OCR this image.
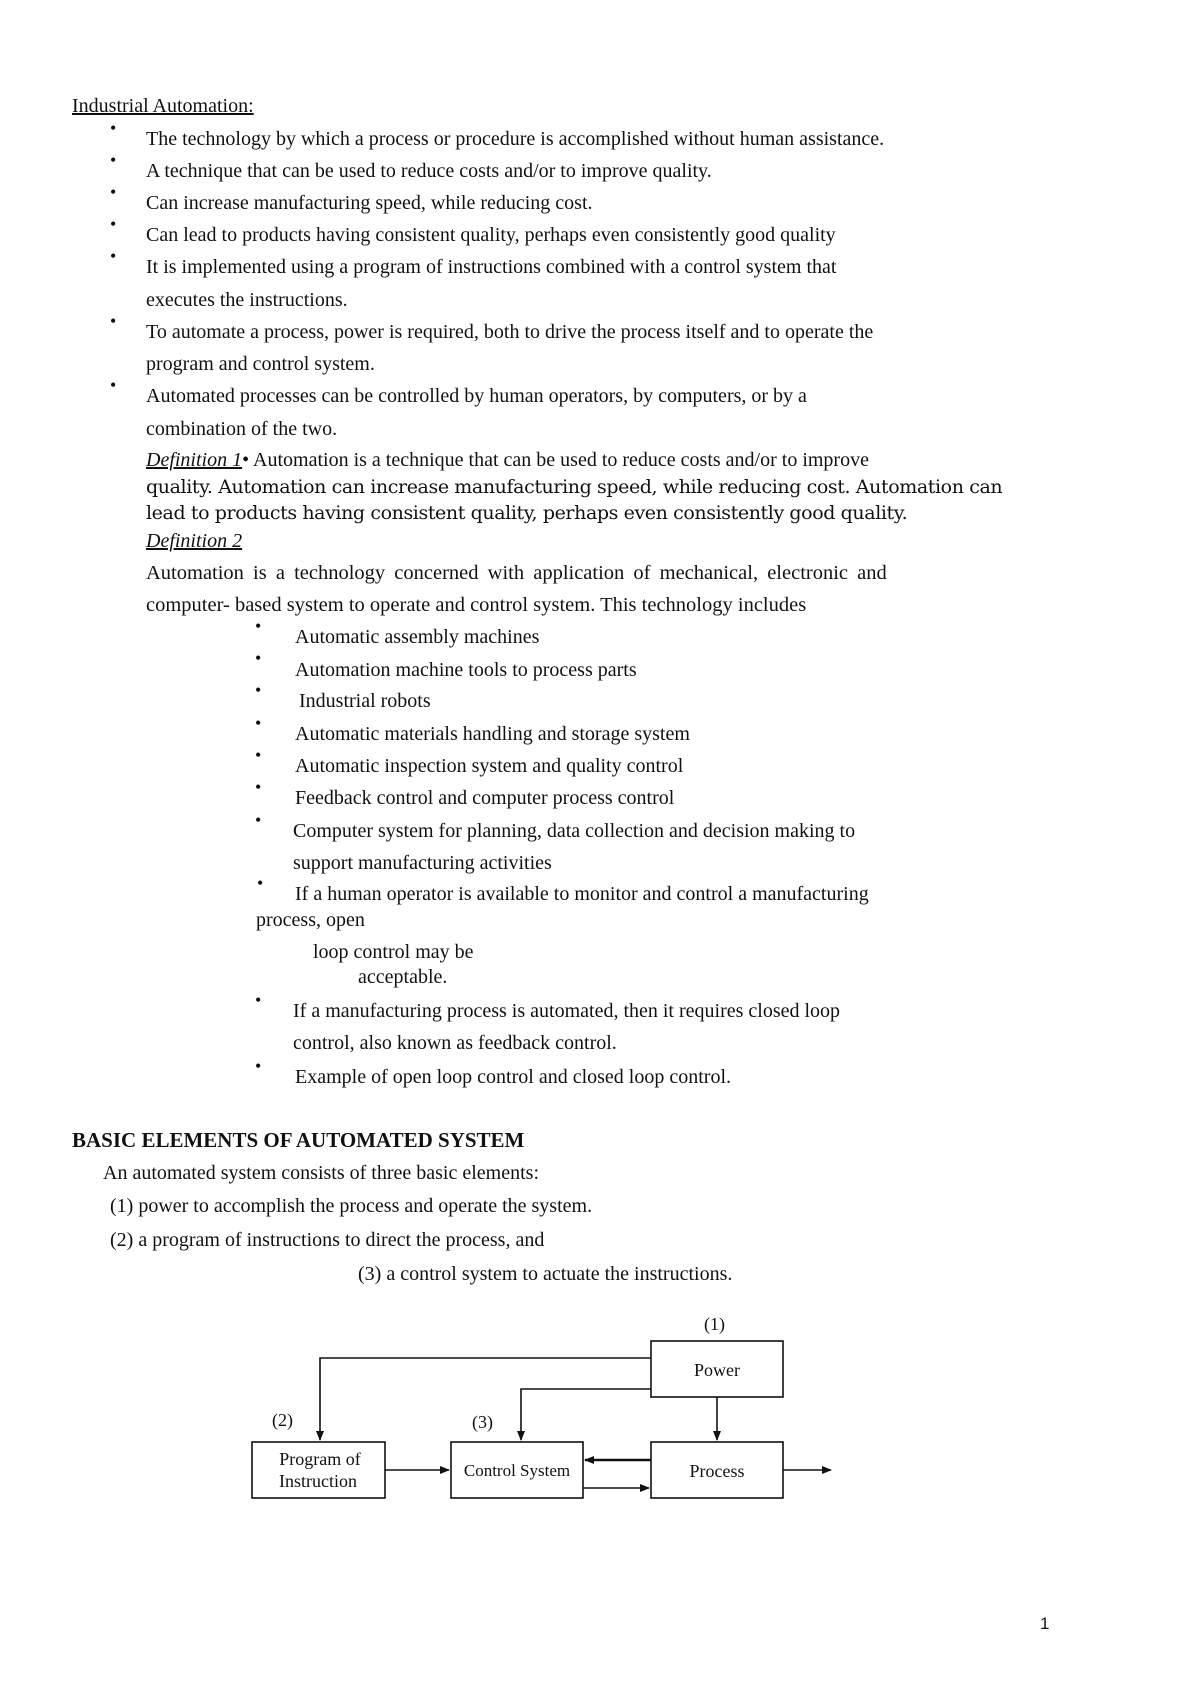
Industrial Automation:
• The technology by which a process or procedure is accomplished without human assistance.
• A technique that can be used to reduce costs and/or to improve quality.
• Can increase manufacturing speed, while reducing cost.
• Can lead to products having consistent quality, perhaps even consistently good quality
• It is implemented using a program of instructions combined with a control system that
executes the instructions.
• To automate a process, power is required, both to drive the process itself and to operate the
program and control system.
• Automated processes can be controlled by human operators, by computers, or by a
combination of the two.
Definition 1• Automation is a technique that can be used to reduce costs and/or to improve
quality. Automation can increase manufacturing speed, while reducing cost. Automation can
lead to products having consistent quality, perhaps even consistently good quality.
Definition 2
Automation is a technology concerned with application of mechanical, electronic and
computer- based system to operate and control system. This technology includes
• Automatic assembly machines
•
Automation machine tools to process parts
• Industrial robots
• Automatic materials handling and storage system
• Automatic inspection system and quality control
• Feedback control and computer process control
• Computer system for planning, data collection and decision making to
support manufacturing activities
• If a human operator is available to monitor and control a manufacturing
process, open
loop control may be
acceptable.
• If a manufacturing process is automated, then it requires closed loop
control, also known as feedback control.
• Example of open loop control and closed loop control.
BASIC ELEMENTS OF AUTOMATED SYSTEM
An automated system consists of three basic elements:
(1) power to accomplish the process and operate the system.
(2) a program of instructions to direct the process, and
(3) a control system to actuate the instructions.
(1)
(2)	(3)
Power
Program of
Instruction
Control System	Process
1
